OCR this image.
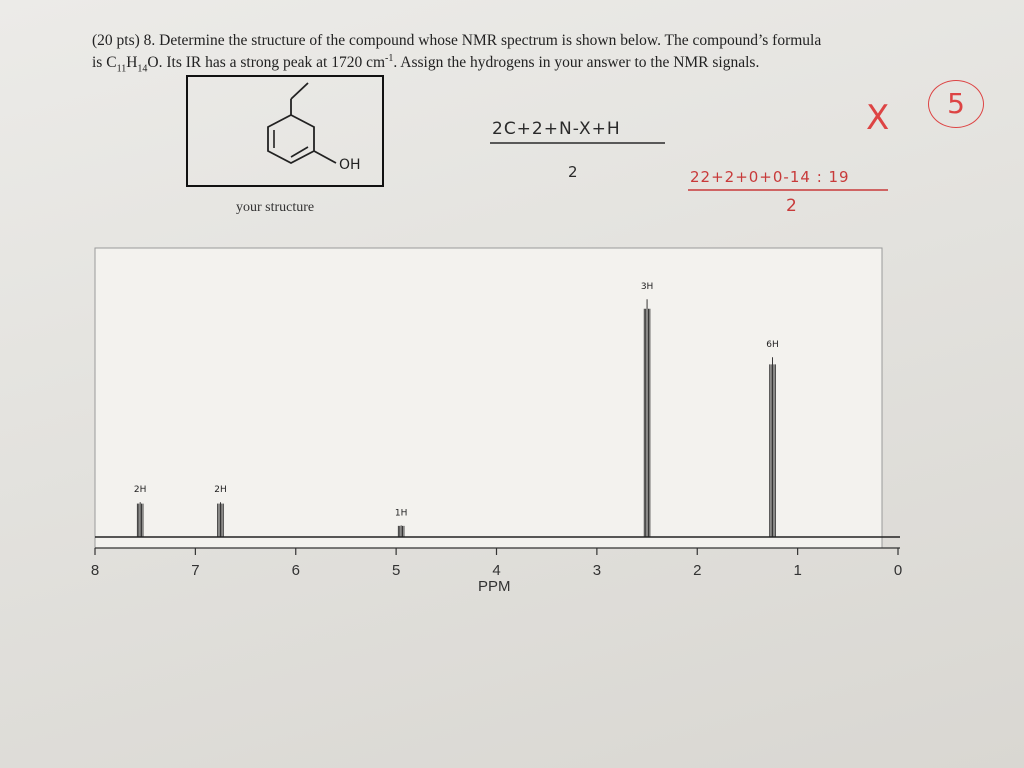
(20 pts) 8. Determine the structure of the compound whose NMR spectrum is shown below. The compound’s formula
is $C_{11}H_{14}O$. Its IR has a strong peak at 1720 $cm^{-1}$. Assign the hydrogens in your answer to the NMR signals.
OH
your structure
2C+2+N-X+H
2	22+2+0+0-14 : 19
2
X	5
8	7	6	5	4	3	2	1	0
2H	2H
1H
3H
6H
PPM
